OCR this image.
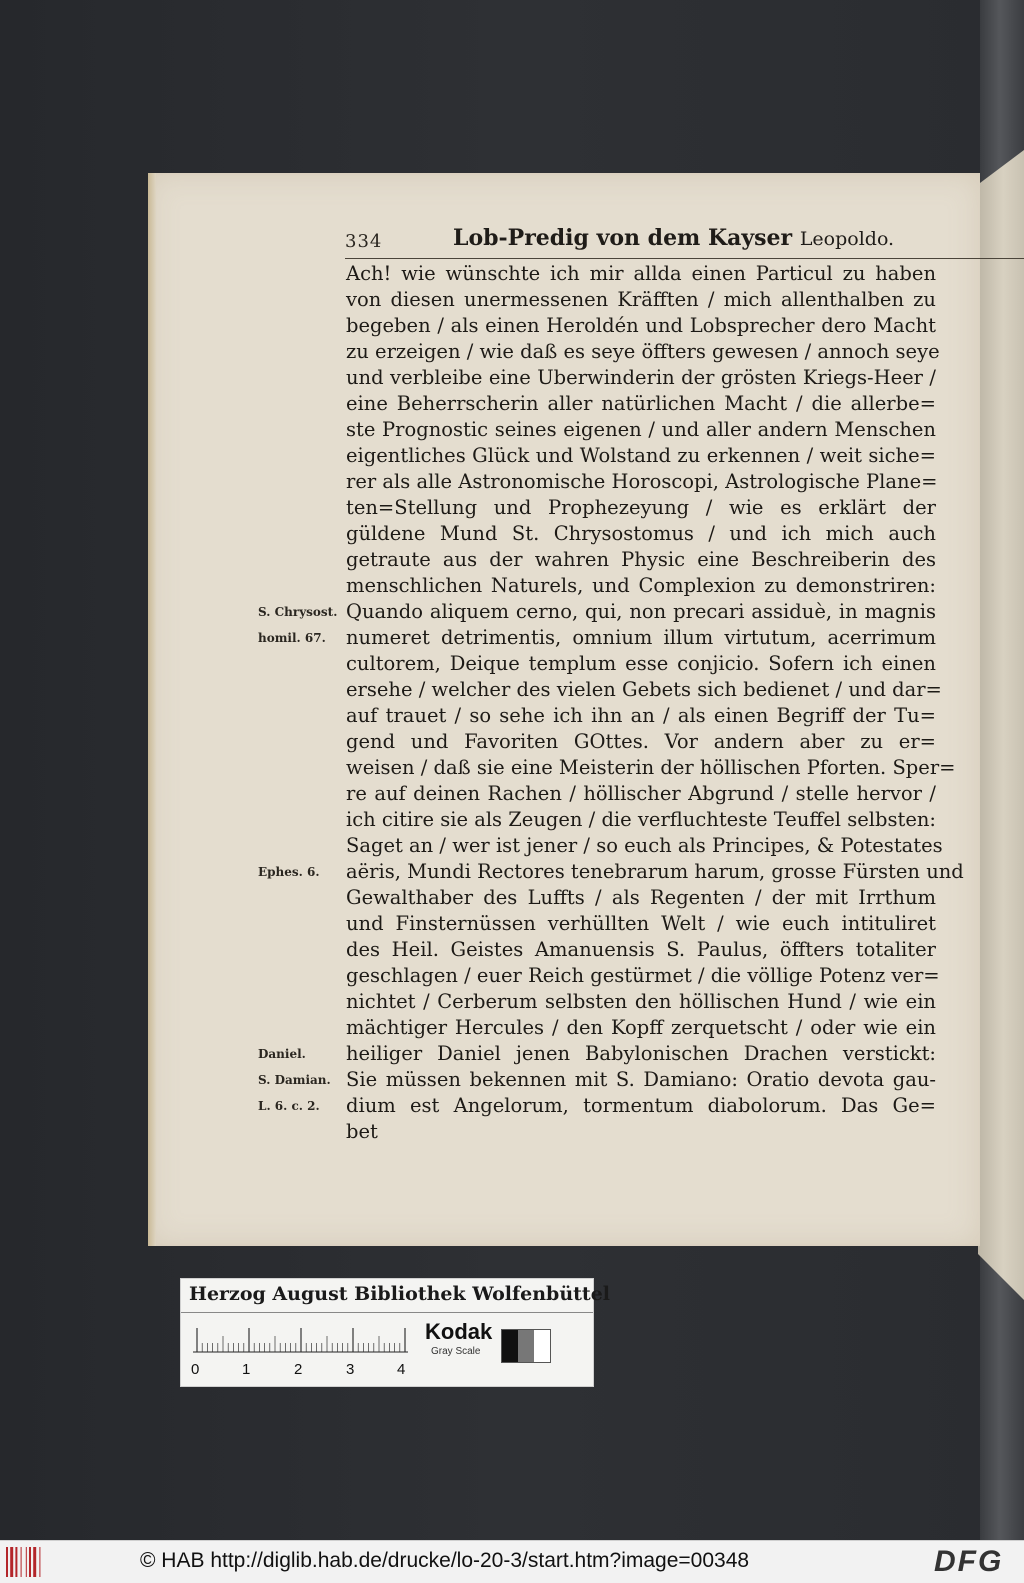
334	Lob-Predig von dem Kayser Leopoldo.
S. Chrysost.
homil. 67.
Ephes. 6.
Daniel.
S. Damian.
L. 6. c. 2.
Ach! wie wünschte ich mir allda einen Particul zu haben
von diesen unermessenen Kräfften / mich allenthalben zu
begeben / als einen Heroldén und Lobsprecher dero Macht
zu erzeigen / wie daß es seye öffters gewesen / annoch seye
und verbleibe eine Uberwinderin der grösten Kriegs-Heer /
eine Beherrscherin aller natürlichen Macht / die allerbe=
ste Prognostic seines eigenen / und aller andern Menschen
eigentliches Glück und Wolstand zu erkennen / weit siche=
rer als alle Astronomische Horoscopi, Astrologische Plane=
ten=Stellung und Prophezeyung / wie es erklärt der
güldene Mund St. Chrysostomus / und ich mich auch
getraute aus der wahren Physic eine Beschreiberin des
menschlichen Naturels, und Complexion zu demonstriren:
Quando aliquem cerno, qui, non precari assiduè, in magnis
numeret detrimentis, omnium illum virtutum, acerrimum
cultorem, Deique templum esse conjicio. Sofern ich einen
ersehe / welcher des vielen Gebets sich bedienet / und dar=
auf trauet / so sehe ich ihn an / als einen Begriff der Tu=
gend und Favoriten GOttes. Vor andern aber zu er=
weisen / daß sie eine Meisterin der höllischen Pforten. Sper=
re auf deinen Rachen / höllischer Abgrund / stelle hervor /
ich citire sie als Zeugen / die verfluchteste Teuffel selbsten:
Saget an / wer ist jener / so euch als Principes, & Potestates
aëris, Mundi Rectores tenebrarum harum, grosse Fürsten und
Gewalthaber des Luffts / als Regenten / der mit Irrthum
und Finsternüssen verhüllten Welt / wie euch intituliret
des Heil. Geistes Amanuensis S. Paulus, öffters totaliter
geschlagen / euer Reich gestürmet / die völlige Potenz ver=
nichtet / Cerberum selbsten den höllischen Hund / wie ein
mächtiger Hercules / den Kopff zerquetscht / oder wie ein
heiliger Daniel jenen Babylonischen Drachen verstickt:
Sie müssen bekennen mit S. Damiano: Oratio devota gau-
dium est Angelorum, tormentum diabolorum. Das Ge=
bet
Herzog August Bibliothek Wolfenbüttel
0	1	2	3	4
Kodak
Gray Scale
© HAB http://diglib.hab.de/drucke/lo-20-3/start.htm?image=00348	DFG
